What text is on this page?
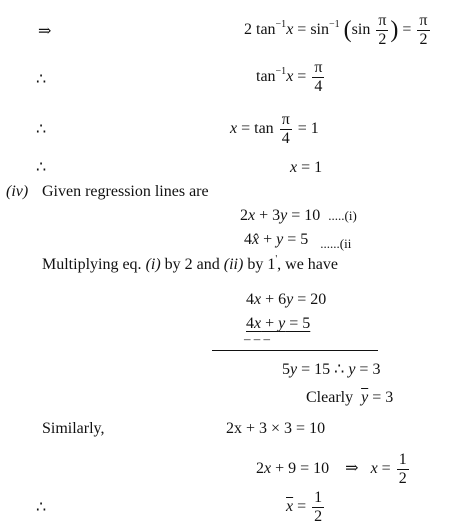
⇒	2 $\tan^{-1}x = \sin^{-1} (\sin \frac{\pi}{2}$ ) = $\frac{\pi}{2}$
∴	$\tan^{-1}x = \frac{\pi}{4}$
∴	$x = \tan \frac{\pi}{4} = 1$
∴	x = 1
(iv) Given regression lines are
2x + 3y = 10 .....(i)
4x̂ + y = 5 $_{......(ii}$
Multiplying eq. (i) by 2 and (ii) by 1', we have
4x + 6y = 20
4x + y = 5
– – –
5y = 15 ∴ y = 3
Clearly $\overline{y} = 3$
Similarly,	2x + 3 × 3 = 10
2x + 9 = 10 ⇒ $x = \frac{1}{2}$
∴	$\overline{x} = \frac{1}{2}$
